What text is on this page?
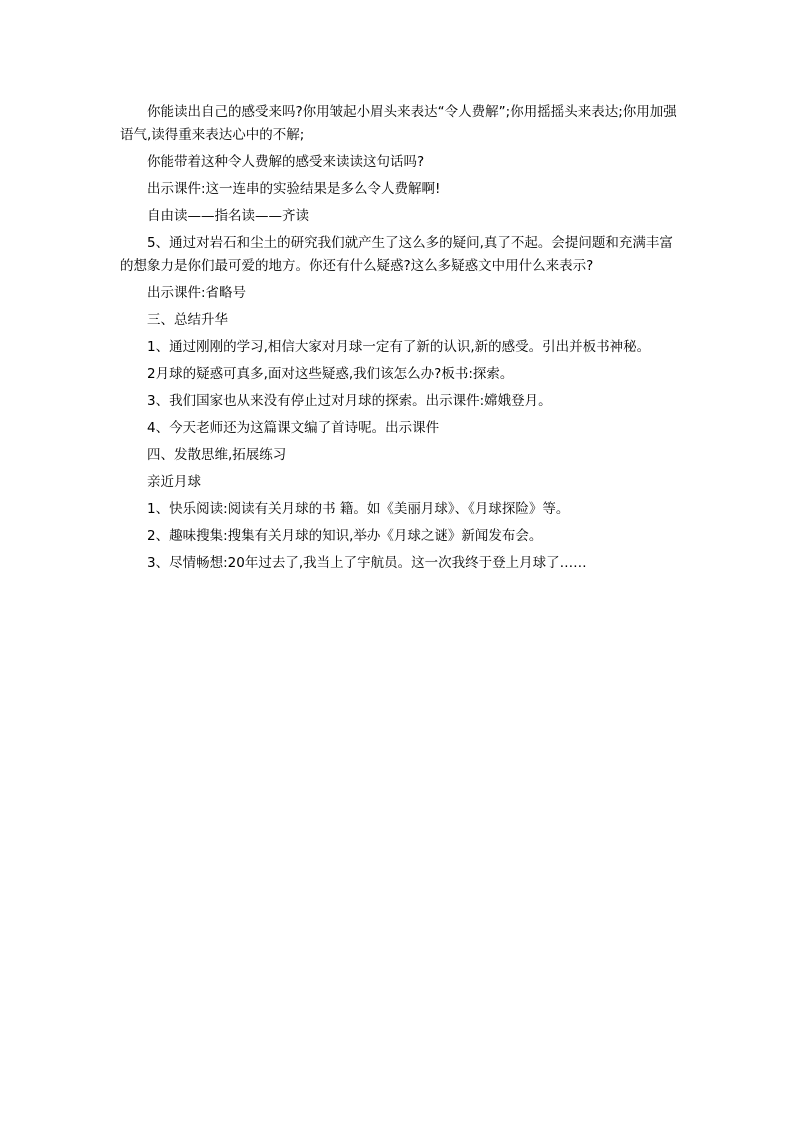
你能读出自己的感受来吗?你用皱起小眉头来表达“令人费解”;你用摇摇头来表达;你用加强语气,读得重来表达心中的不解;

你能带着这种令人费解的感受来读读这句话吗?

出示课件:这一连串的实验结果是多么令人费解啊!

自由读——指名读——齐读

5、通过对岩石和尘土的研究我们就产生了这么多的疑问,真了不起。会提问题和充满丰富的想象力是你们最可爱的地方。你还有什么疑惑?这么多疑惑文中用什么来表示?

出示课件:省略号

三、总结升华

1、通过刚刚的学习,相信大家对月球一定有了新的认识,新的感受。引出并板书神秘。

2月球的疑惑可真多,面对这些疑惑,我们该怎么办?板书:探索。

3、我们国家也从来没有停止过对月球的探索。出示课件:嫦娥登月。

4、今天老师还为这篇课文编了首诗呢。出示课件

四、发散思维,拓展练习

亲近月球

1、快乐阅读:阅读有关月球的书 籍。如《美丽月球》、《月球探险》等。

2、趣味搜集:搜集有关月球的知识,举办《月球之谜》新闻发布会。

3、尽情畅想:20年过去了,我当上了宇航员。这一次我终于登上月球了……
